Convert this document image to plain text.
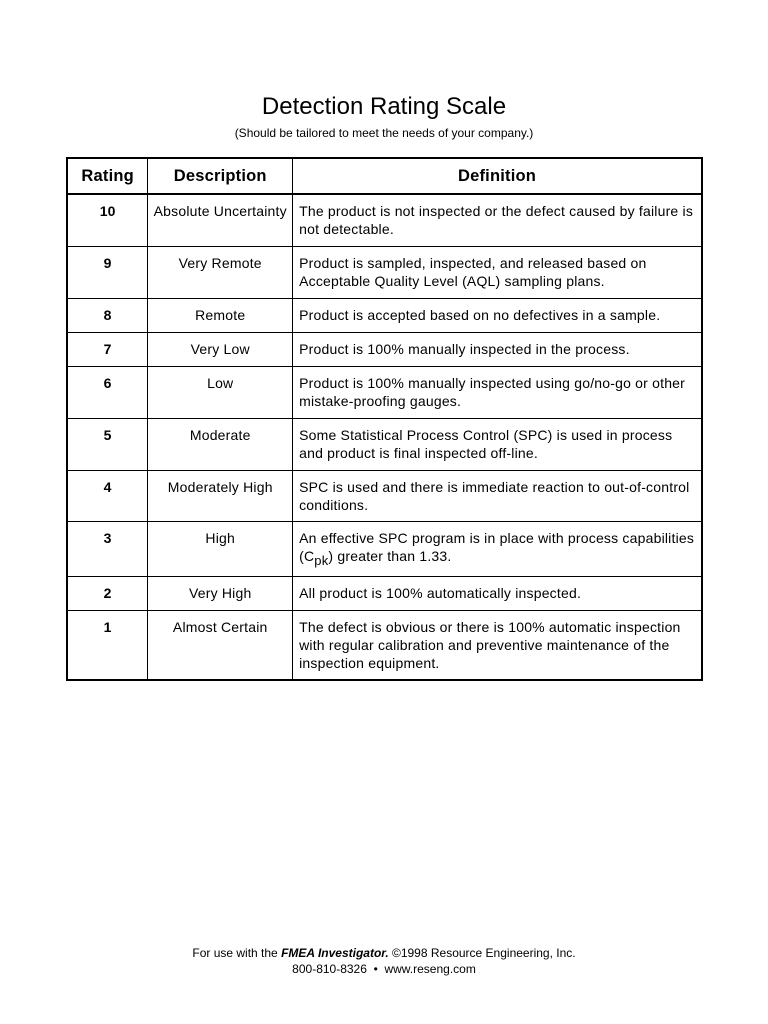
Detection Rating Scale
(Should be tailored to meet the needs of your company.)
Rating	Description	Definition
10	Absolute Uncertainty	The product is not inspected or the defect caused by failure is not detectable.
9	Very Remote	Product is sampled, inspected, and released based on Acceptable Quality Level (AQL) sampling plans.
8	Remote	Product is accepted based on no defectives in a sample.
7	Very Low	Product is 100% manually inspected in the process.
6	Low	Product is 100% manually inspected using go/no-go or other mistake-proofing gauges.
5	Moderate	Some Statistical Process Control (SPC) is used in process and product is final inspected off-line.
4	Moderately High	SPC is used and there is immediate reaction to out-of-control conditions.
3	High	An effective SPC program is in place with process capabilities (Cpk) greater than 1.33.
2	Very High	All product is 100% automatically inspected.
1	Almost Certain	The defect is obvious or there is 100% automatic inspection with regular calibration and preventive maintenance of the inspection equipment.
For use with the FMEA Investigator. ©1998 Resource Engineering, Inc.
800-810-8326 • www.reseng.com
